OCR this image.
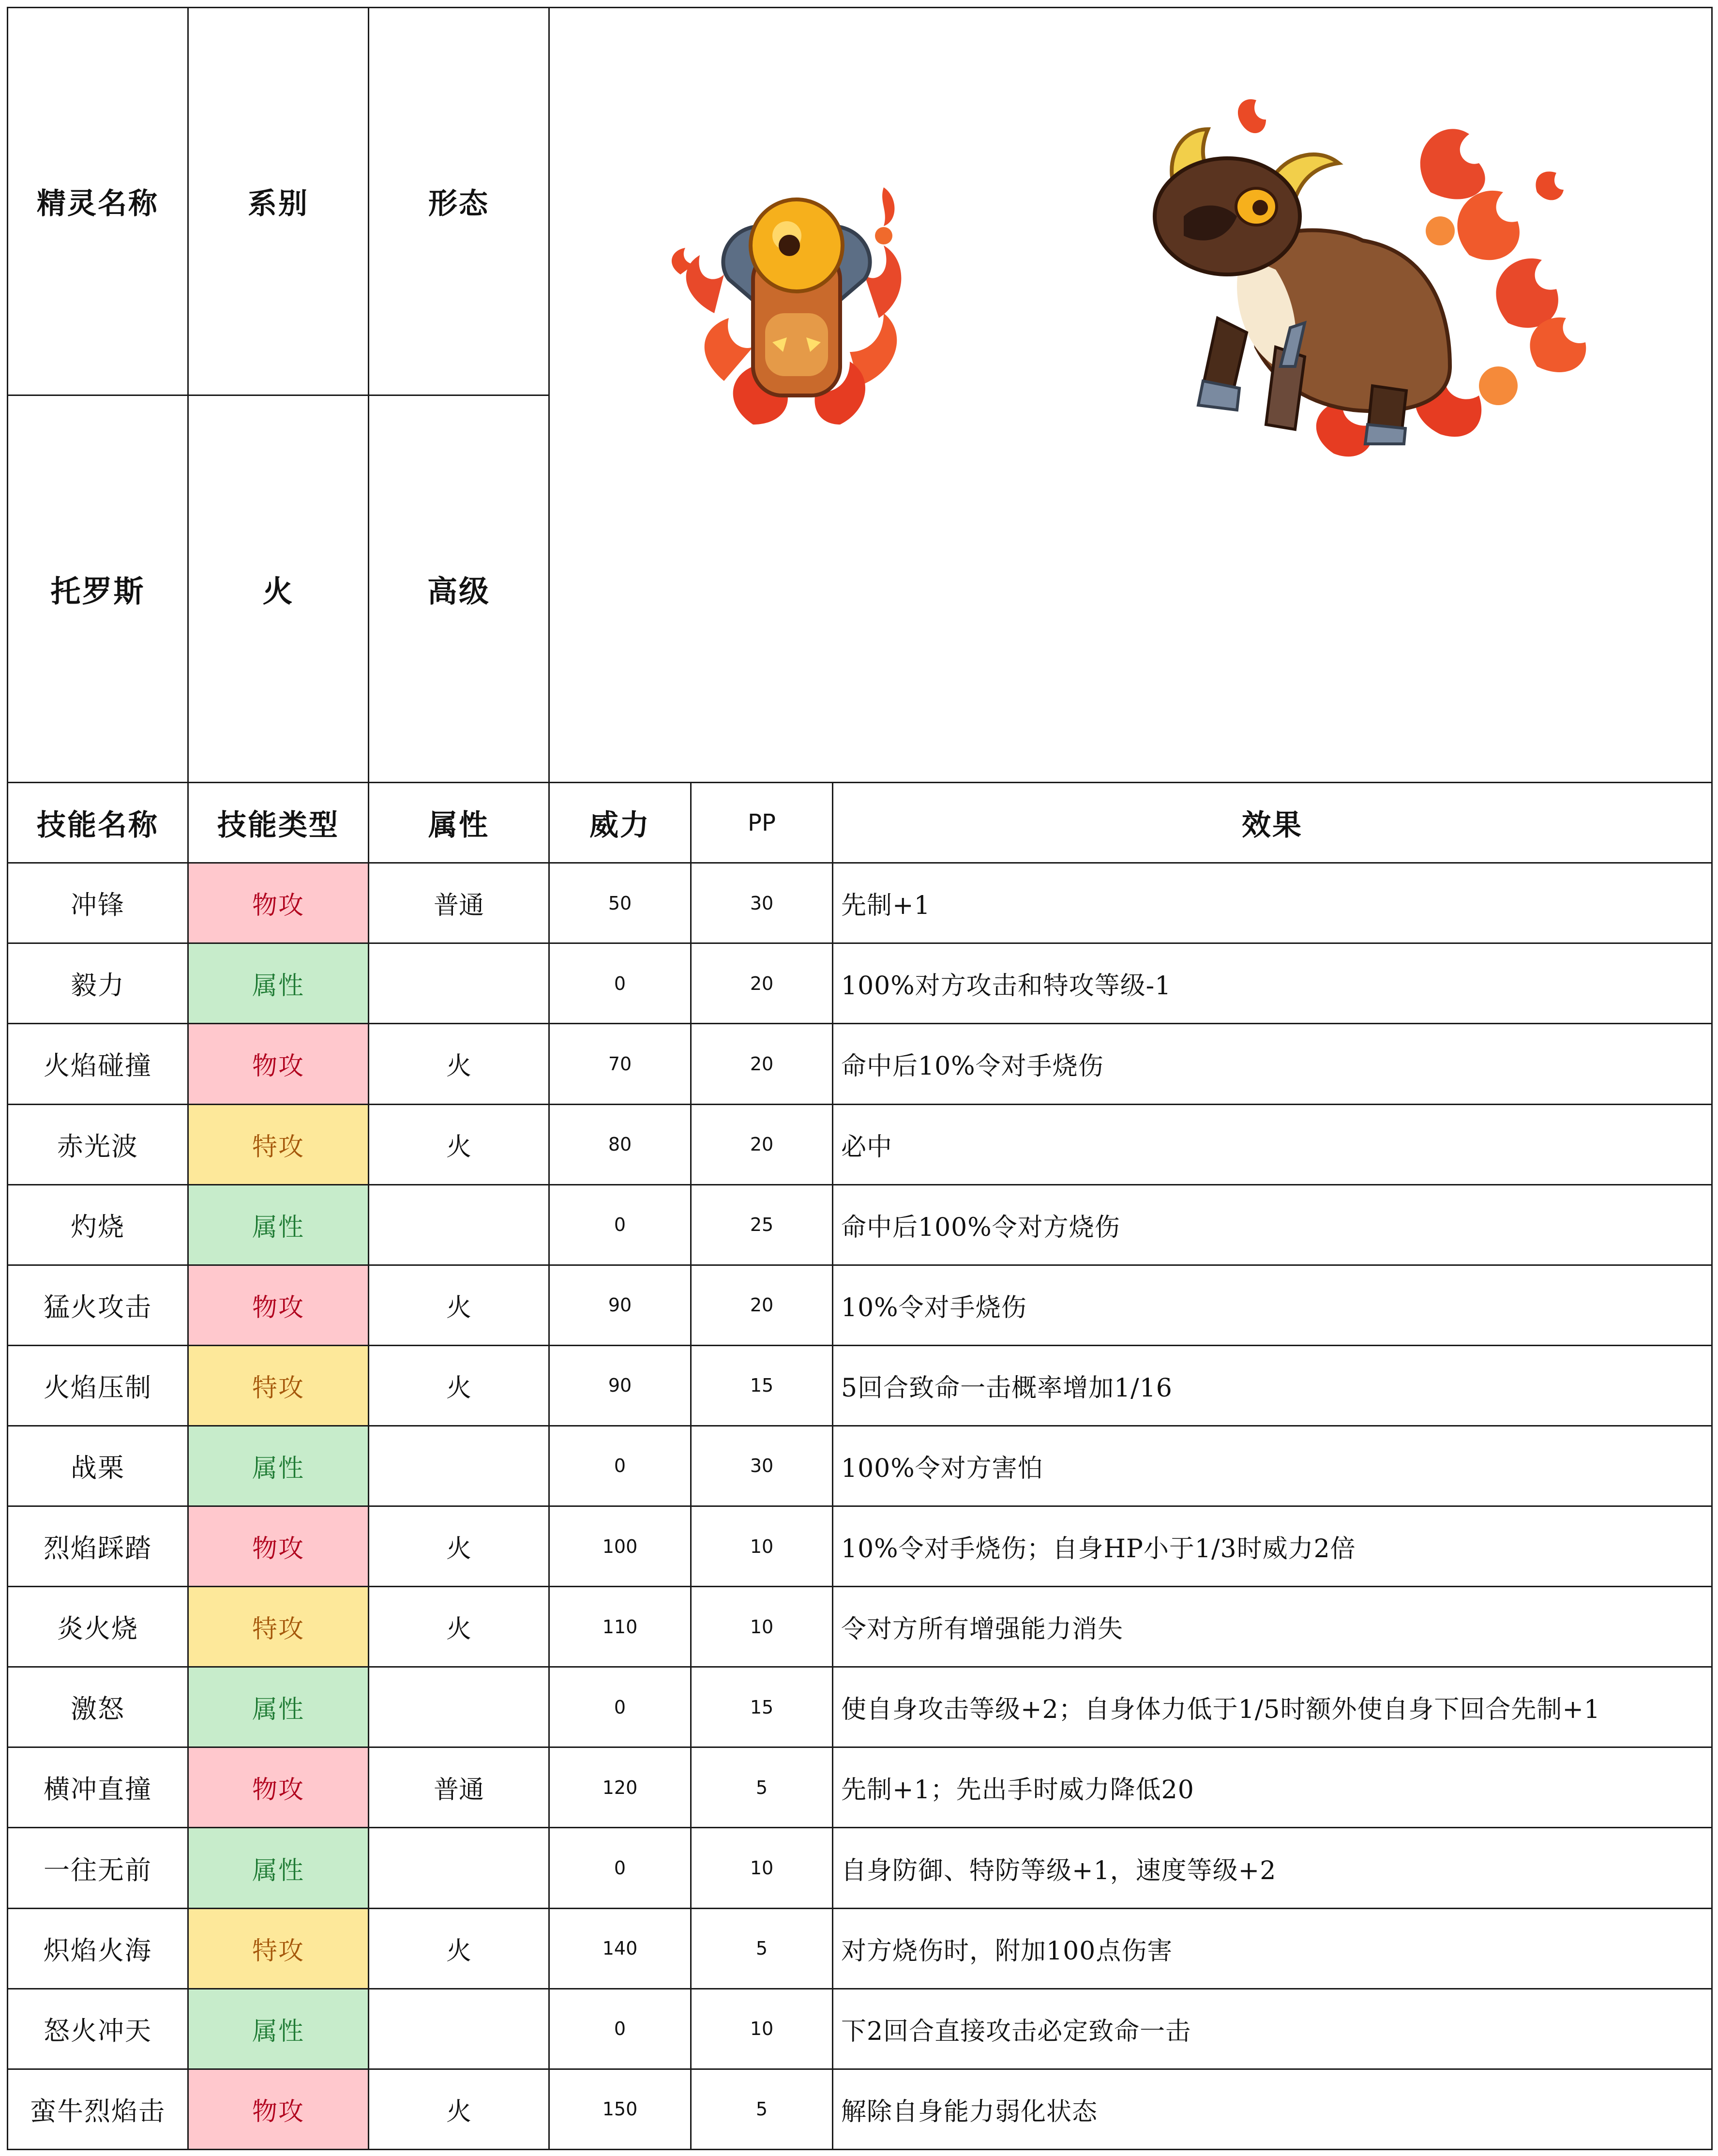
精灵名称	系别	形态	

托罗斯	火	高级			
技能名称	技能类型	属性	威力	PP	效果
冲锋	物攻	普通	50	30	先制+1
毅力	属性		0	20	100%对方攻击和特攻等级-1
火焰碰撞	物攻	火	70	20	命中后10%令对手烧伤
赤光波	特攻	火	80	20	必中
灼烧	属性		0	25	命中后100%令对方烧伤
猛火攻击	物攻	火	90	20	10%令对手烧伤
火焰压制	特攻	火	90	15	5回合致命一击概率增加1/16
战栗	属性		0	30	100%令对方害怕
烈焰踩踏	物攻	火	100	10	10%令对手烧伤；自身HP小于1/3时威力2倍
炎火烧	特攻	火	110	10	令对方所有增强能力消失
激怒	属性		0	15	使自身攻击等级+2；自身体力低于1/5时额外使自身下回合先制+1
横冲直撞	物攻	普通	120	5	先制+1；先出手时威力降低20
一往无前	属性		0	10	自身防御、特防等级+1，速度等级+2
炽焰火海	特攻	火	140	5	对方烧伤时，附加100点伤害
怒火冲天	属性		0	10	下2回合直接攻击必定致命一击
蛮牛烈焰击	物攻	火	150	5	解除自身能力弱化状态
